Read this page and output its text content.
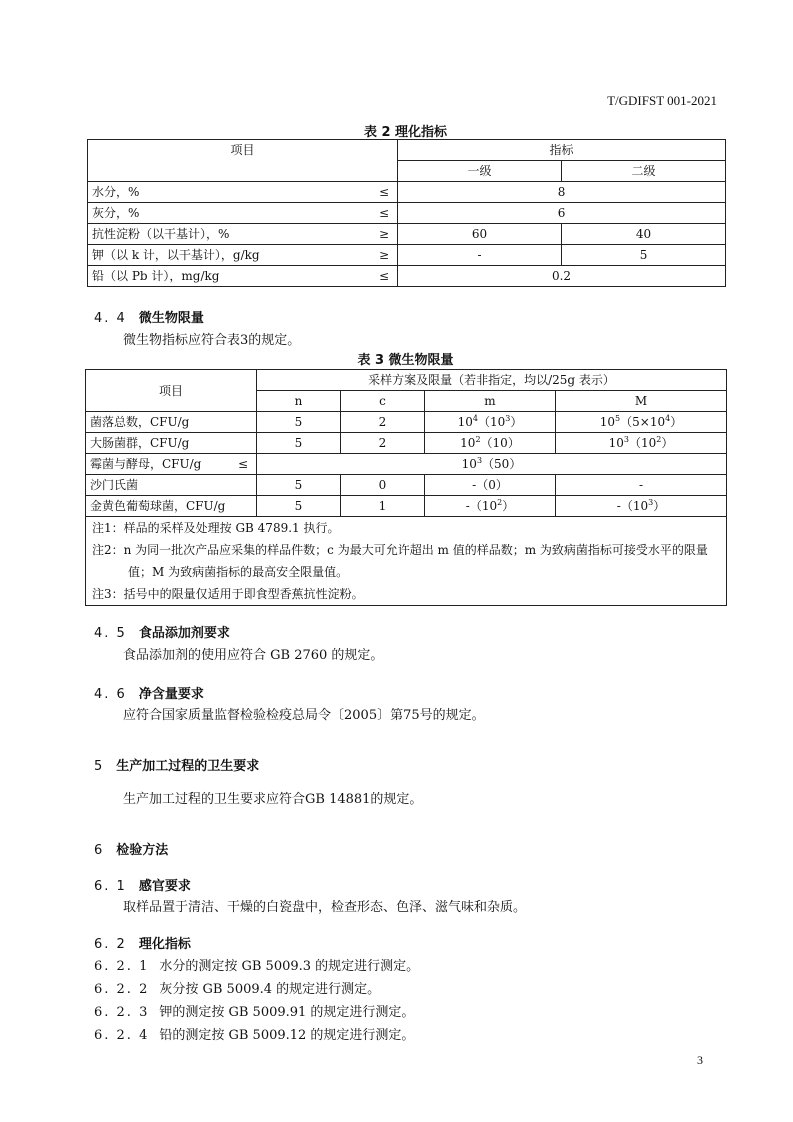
T/GDIFST 001-2021
表 2 理化指标
项目	指标	
	一级	二级
水分，% ≤	8	
灰分，% ≤	6	
抗性淀粉（以干基计），% ≥	60	40
钾（以 k 计，以干基计），g/kg ≥	-	5
铅（以 Pb 计），mg/kg ≤	0.2	
4. 4 微生物限量
微生物指标应符合表3的规定。
表 3 微生物限量
项目	采样方案及限量（若非指定，均以/25g 表示）			
	n	c	m	M
菌落总数，CFU/g	5	2	$10^4(10^3)$	$10^5(5\times 10^4)$
大肠菌群，CFU/g	5	2	$10^2(10)$	$10^3(10^2)$
霉菌与酵母，CFU/g ≤	$10^3(50)$			
沙门氏菌	5	0	-（0）	-
金黄色葡萄球菌，CFU/g	5	1	$-(10^2)$	$-(10^3)$

注1：样品的采样及处理按 GB 4789.1 执行。
注2：n 为同一批次产品应采集的样品件数；c 为最大可允许超出 m 值的样品数；m 为致病菌指标可接受水平的限量
值；M 为致病菌指标的最高安全限量值。
注3：括号中的限量仅适用于即食型香蕉抗性淀粉。				
4. 5 食品添加剂要求
食品添加剂的使用应符合 GB 2760 的规定。
4. 6 净含量要求
应符合国家质量监督检验检疫总局令〔2005〕第75号的规定。
5 生产加工过程的卫生要求
生产加工过程的卫生要求应符合GB 14881的规定。
6 检验方法
6. 1 感官要求
取样品置于清洁、干燥的白瓷盘中，检查形态、色泽、滋气味和杂质。
6. 2 理化指标
6. 2. 1 水分的测定按 GB 5009.3 的规定进行测定。
6. 2. 2 灰分按 GB 5009.4 的规定进行测定。
6. 2. 3 钾的测定按 GB 5009.91 的规定进行测定。
6. 2. 4 铅的测定按 GB 5009.12 的规定进行测定。
3
